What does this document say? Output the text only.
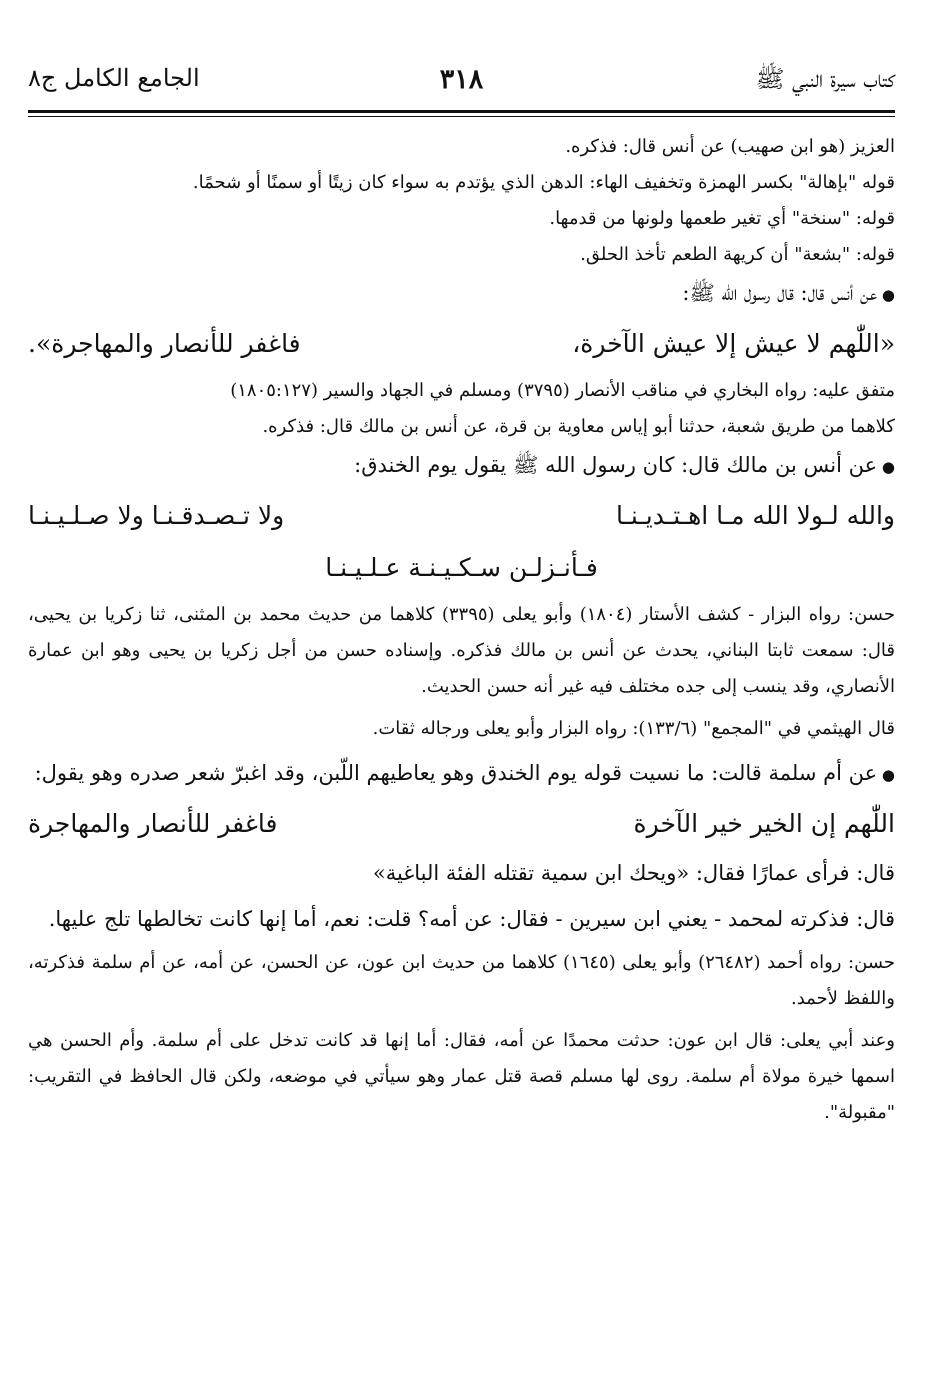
كتاب سيرة النبي ﷺ
٣١٨
الجامع الكامل ج٨

العزيز (هو ابن صهيب) عن أنس قال: فذكره.

قوله "بإهالة" بكسر الهمزة وتخفيف الهاء: الدهن الذي يؤتدم به سواء كان زيتًا أو سمنًا أو شحمًا.

قوله: "سنخة" أي تغير طعمها ولونها من قدمها.

قوله: "بشعة" أن كريهة الطعم تأخذ الحلق.

● عن أنس قال: قال رسول الله ﷺ:

«اللّٰهم لا عيش إلا عيش الآخرة،
فاغفر للأنصار والمهاجرة».

متفق عليه: رواه البخاري في مناقب الأنصار (٣٧٩٥) ومسلم في الجهاد والسير (١٨٠٥:١٢٧)

كلاهما من طريق شعبة، حدثنا أبو إياس معاوية بن قرة، عن أنس بن مالك قال: فذكره.

● عن أنس بن مالك قال: كان رسول الله ﷺ يقول يوم الخندق:

والله لـولا الله مـا اهـتـديـنـا
ولا تـصـدقـنـا ولا صـلـيـنـا
فـأنـزلـن سـكـيـنـة عـلـيـنـا

حسن: رواه البزار - كشف الأستار (١٨٠٤) وأبو يعلى (٣٣٩٥) كلاهما من حديث محمد بن المثنى، ثنا زكريا بن يحيى، قال: سمعت ثابتا البناني، يحدث عن أنس بن مالك فذكره. وإسناده حسن من أجل زكريا بن يحيى وهو ابن عمارة الأنصاري، وقد ينسب إلى جده مختلف فيه غير أنه حسن الحديث.

قال الهيثمي في "المجمع" (١٣٣/٦): رواه البزار وأبو يعلى ورجاله ثقات.

● عن أم سلمة قالت: ما نسيت قوله يوم الخندق وهو يعاطيهم اللّبن، وقد اغبرّ شعر صدره وهو يقول:

اللّٰهم إن الخير خير الآخرة
فاغفر للأنصار والمهاجرة

قال: فرأى عمارًا فقال: «ويحك ابن سمية تقتله الفئة الباغية»

قال: فذكرته لمحمد - يعني ابن سيرين - فقال: عن أمه؟ قلت: نعم، أما إنها كانت تخالطها تلج عليها.

حسن: رواه أحمد (٢٦٤٨٢) وأبو يعلى (١٦٤٥) كلاهما من حديث ابن عون، عن الحسن، عن أمه، عن أم سلمة فذكرته، واللفظ لأحمد.

وعند أبي يعلى: قال ابن عون: حدثت محمدًا عن أمه، فقال: أما إنها قد كانت تدخل على أم سلمة. وأم الحسن هي اسمها خيرة مولاة أم سلمة. روى لها مسلم قصة قتل عمار وهو سيأتي في موضعه، ولكن قال الحافظ في التقريب: "مقبولة".
